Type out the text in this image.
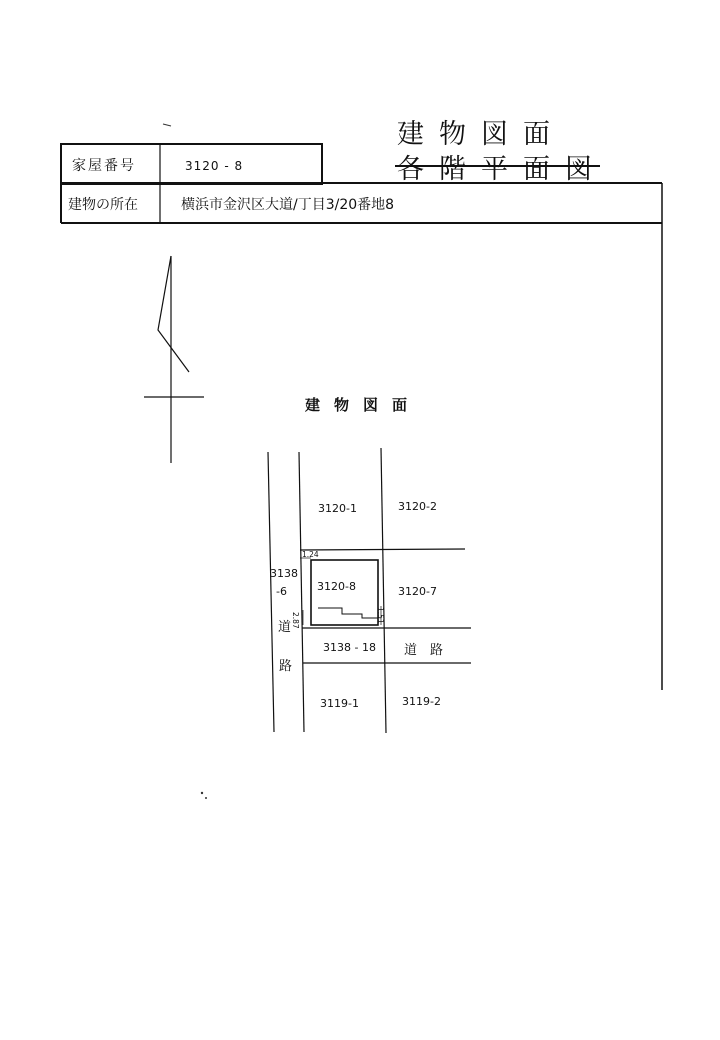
建物図面
各階平面図
家屋番号	3120 - 8
建物の所在	横浜市金沢区大道/丁目3/20番地8
建物図面
3120-1	3120-2
3120-8	3120-7
3138
-6
道
路
3138 - 18 道　路
3119-1	3119-2
1.24
2.87	1.51
